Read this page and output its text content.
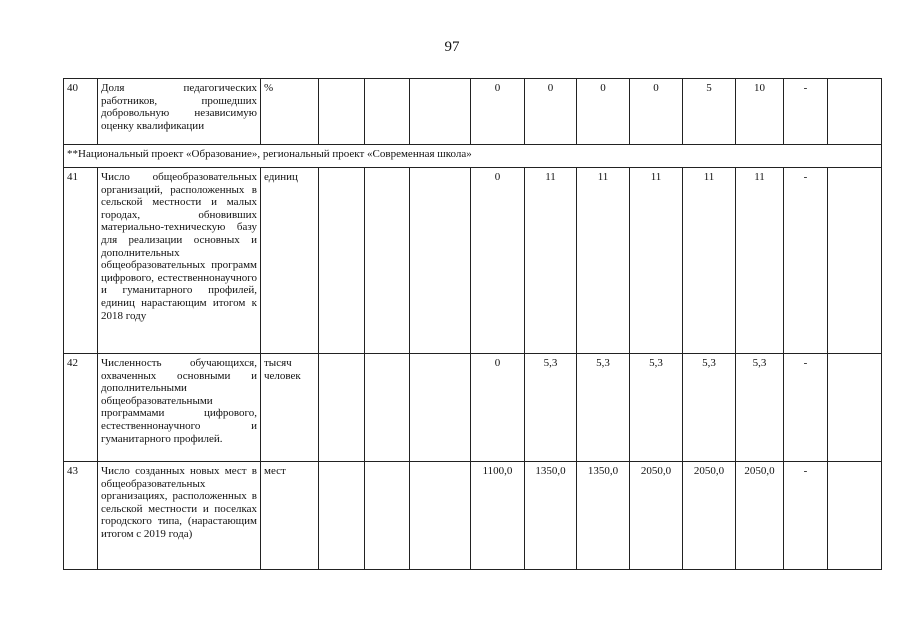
97
40	Доля педагогических работников, прошедших добровольную независимую оценку квалификации	%				0	0	0	0	5	10	-	
**Национальный проект «Образование», региональный проект «Современная школа»													
41	Число общеобразовательных организаций, расположенных в сельской местности и малых городах, обновивших материально-техническую базу для реализации основных и дополнительных общеобразовательных программ цифрового, естественнонаучного и гуманитарного профилей, единиц нарастающим итогом к 2018 году	единиц				0	11	11	11	11	11	-	
42	Численность обучающихся, охваченных основными и дополнительными общеобразовательными программами цифрового, естественнонаучного и гуманитарного профилей.	тысяч человек				0	5,3	5,3	5,3	5,3	5,3	-	
43	Число созданных новых мест в общеобразовательных организациях, расположенных в сельской местности и поселках городского типа, (нарастающим итогом с 2019 года)	мест				1100,0	1350,0	1350,0	2050,0	2050,0	2050,0	-	
